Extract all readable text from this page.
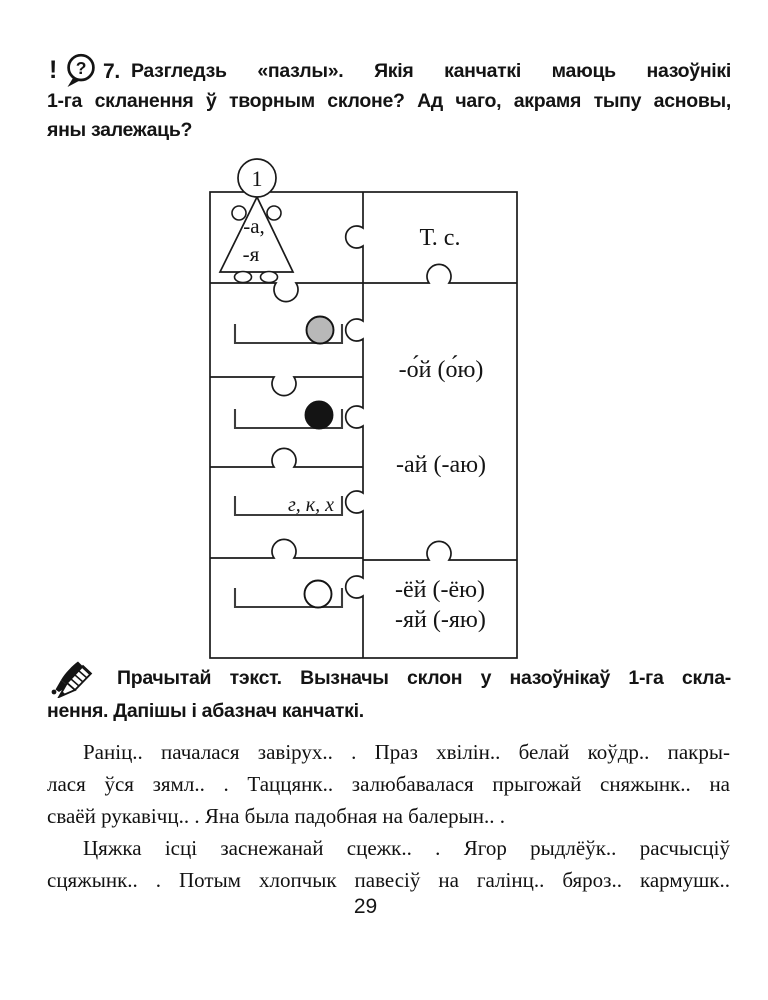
! ? 7. Разгледзь «пазлы». Якія канчаткі маюць назоўнікі
1-га скланення ў творным склоне? Ад чаго, акрамя тыпу асновы,
яны залежаць?
1
-а,
-я
г, к, х
Т. с.
-о́й (о́ю)
-ай (-аю)
-ёй (-ёю)
-яй (-яю)
Прачытай тэкст. Вызначы склон у назоўнікаў 1-га скла-
нення. Дапішы і абазнач канчаткі.
Раніц.. пачалася завірух.. . Праз хвілін.. белай коўдр.. пакры-
лася ўся зямл.. . Таццянк.. залюбавалася прыгожай сняжынк.. на
сваёй рукавічц.. . Яна была падобная на балерын.. .
Цяжка ісці заснежанай сцежк.. . Ягор рыдлёўк.. расчысціў
сцяжынк.. . Потым хлопчык павесіў на галінц.. бяроз.. кармушк..
29
